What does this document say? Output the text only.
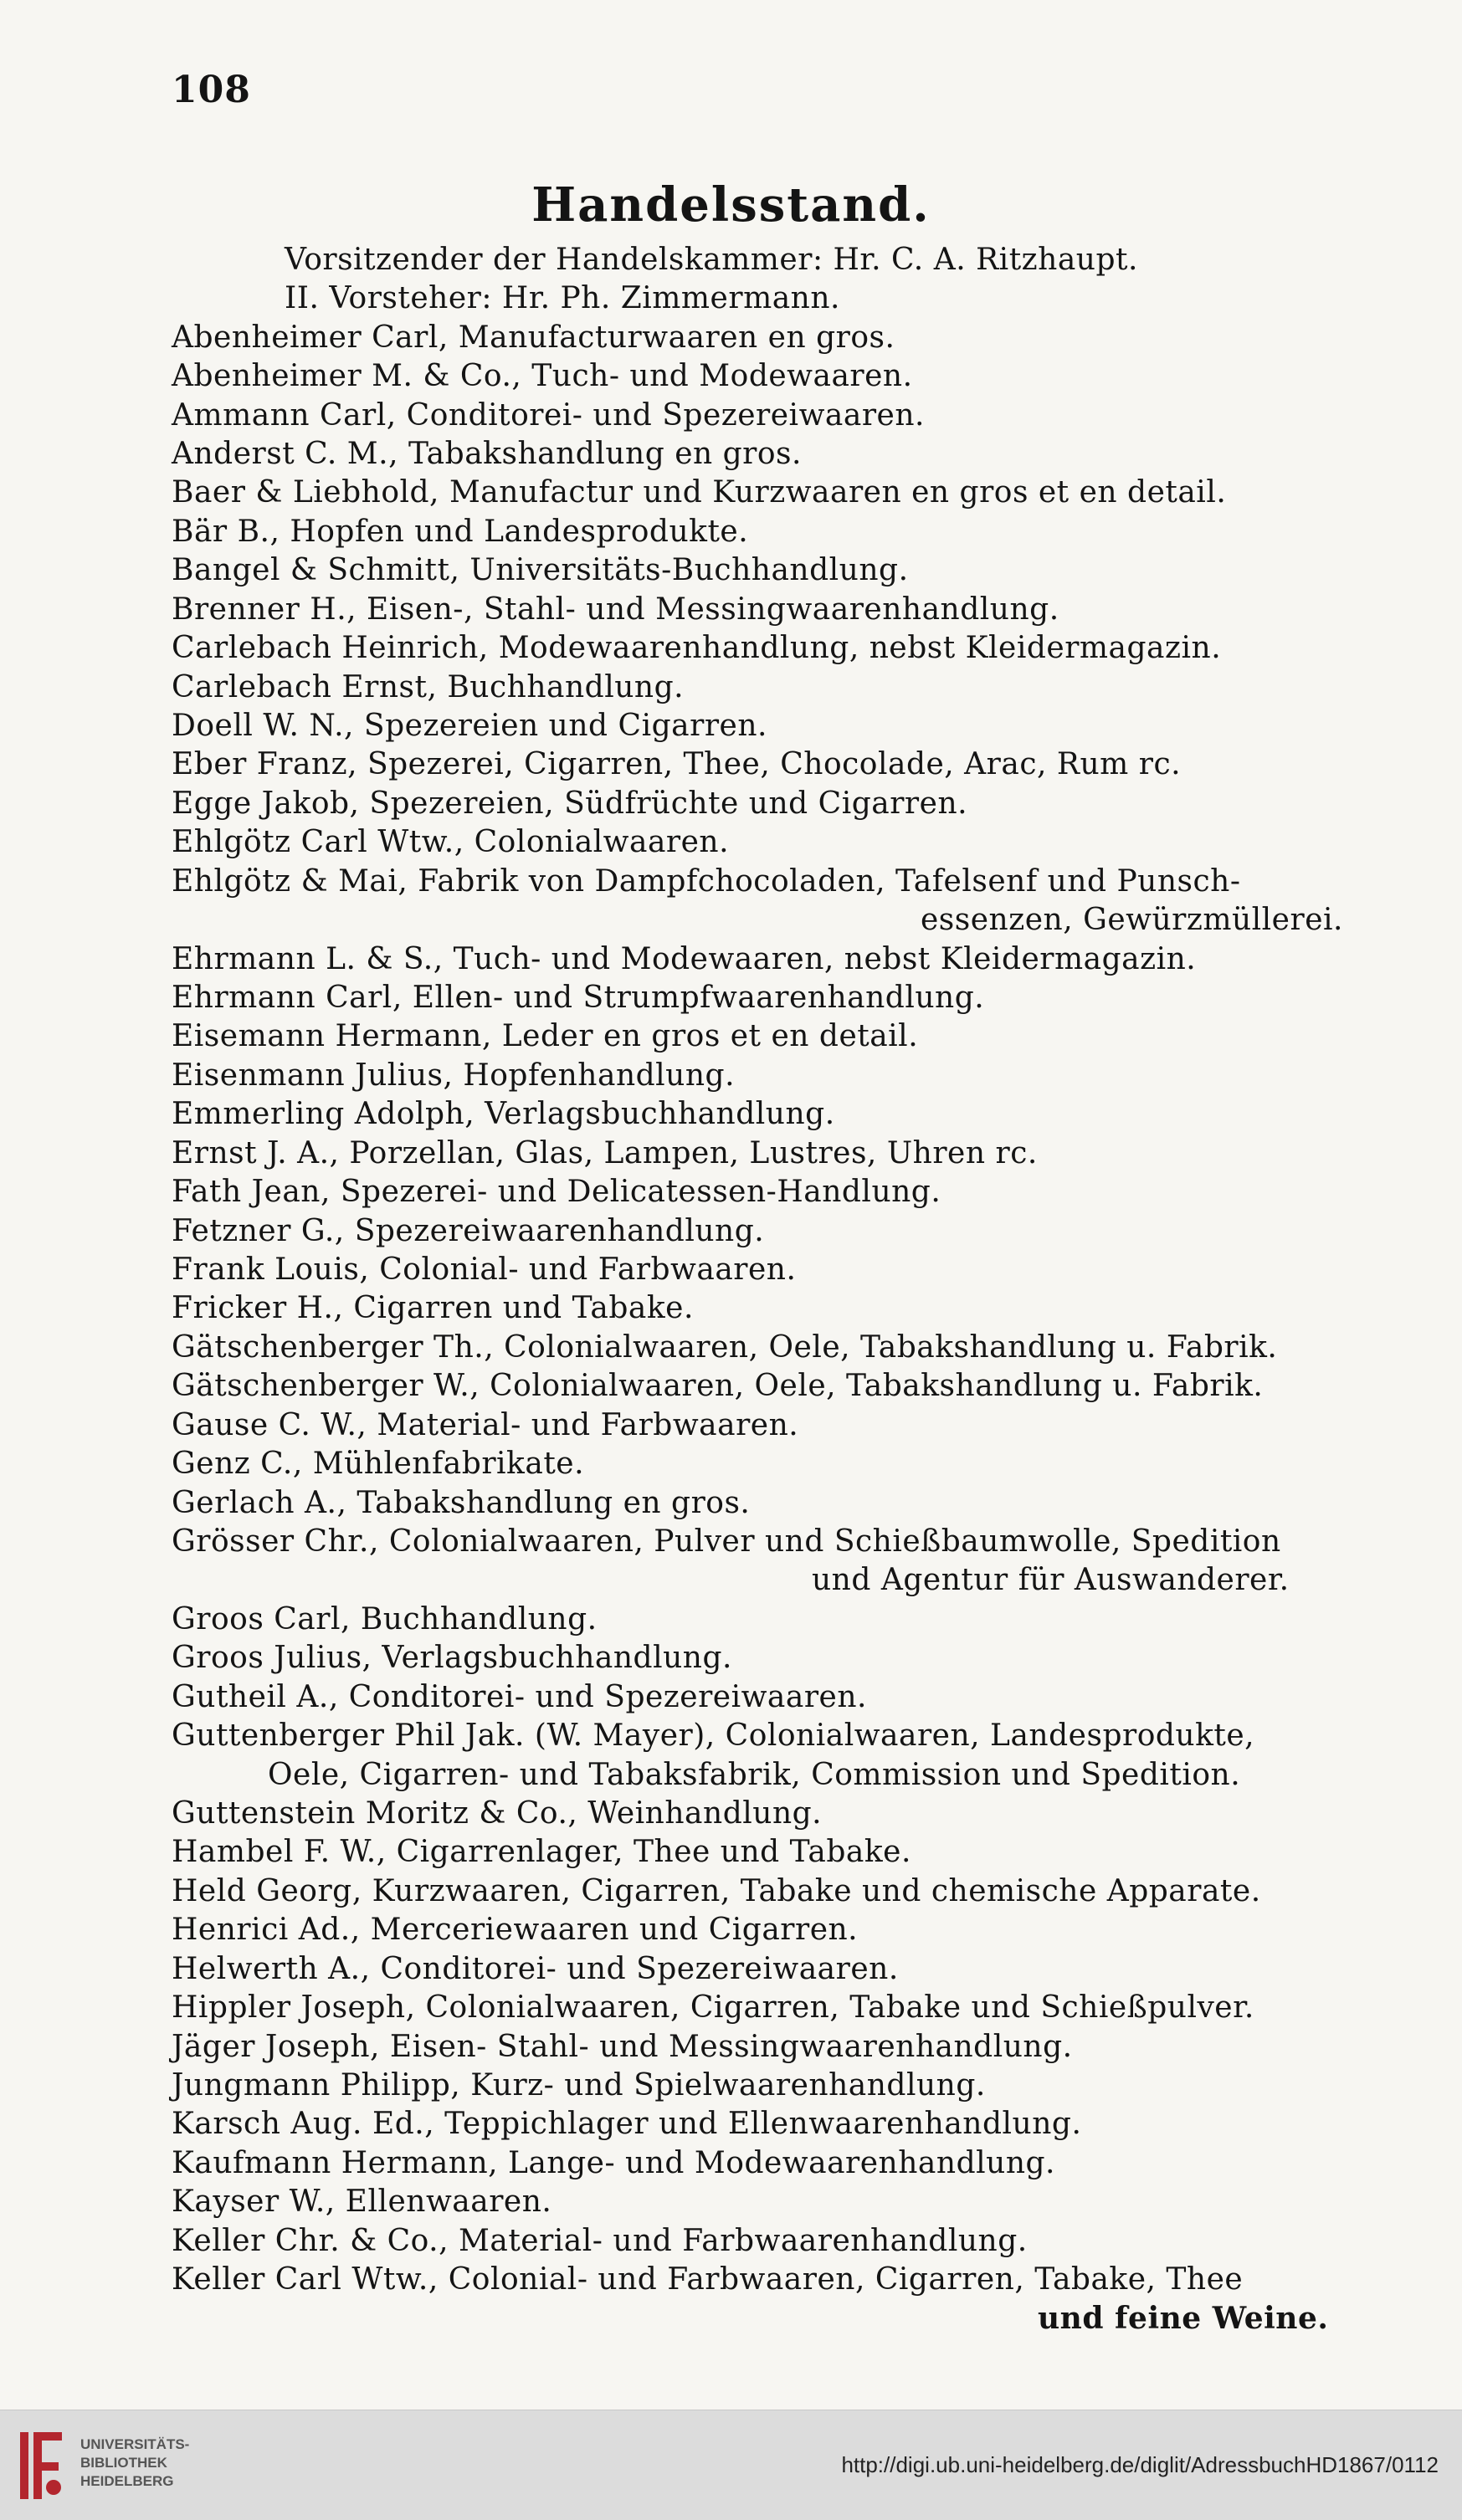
108
Handelsstand.
Vorsitzender der Handelskammer: Hr. C. A. Ritzhaupt.
II. Vorsteher: Hr. Ph. Zimmermann.
Abenheimer Carl, Manufacturwaaren en gros.
Abenheimer M. & Co., Tuch- und Modewaaren.
Ammann Carl, Conditorei- und Spezereiwaaren.
Anderst C. M., Tabakshandlung en gros.
Baer & Liebhold, Manufactur und Kurzwaaren en gros et en detail.
Bär B., Hopfen und Landesprodukte.
Bangel & Schmitt, Universitäts-Buchhandlung.
Brenner H., Eisen-, Stahl- und Messingwaarenhandlung.
Carlebach Heinrich, Modewaarenhandlung, nebst Kleidermagazin.
Carlebach Ernst, Buchhandlung.
Doell W. N., Spezereien und Cigarren.
Eber Franz, Spezerei, Cigarren, Thee, Chocolade, Arac, Rum rc.
Egge Jakob, Spezereien, Südfrüchte und Cigarren.
Ehlgötz Carl Wtw., Colonialwaaren.
Ehlgötz & Mai, Fabrik von Dampfchocoladen, Tafelsenf und Punsch-
essenzen, Gewürzmüllerei.
Ehrmann L. & S., Tuch- und Modewaaren, nebst Kleidermagazin.
Ehrmann Carl, Ellen- und Strumpfwaarenhandlung.
Eisemann Hermann, Leder en gros et en detail.
Eisenmann Julius, Hopfenhandlung.
Emmerling Adolph, Verlagsbuchhandlung.
Ernst J. A., Porzellan, Glas, Lampen, Lustres, Uhren rc.
Fath Jean, Spezerei- und Delicatessen-Handlung.
Fetzner G., Spezereiwaarenhandlung.
Frank Louis, Colonial- und Farbwaaren.
Fricker H., Cigarren und Tabake.
Gätschenberger Th., Colonialwaaren, Oele, Tabakshandlung u. Fabrik.
Gätschenberger W., Colonialwaaren, Oele, Tabakshandlung u. Fabrik.
Gause C. W., Material- und Farbwaaren.
Genz C., Mühlenfabrikate.
Gerlach A., Tabakshandlung en gros.
Grösser Chr., Colonialwaaren, Pulver und Schießbaumwolle, Spedition
und Agentur für Auswanderer.
Groos Carl, Buchhandlung.
Groos Julius, Verlagsbuchhandlung.
Gutheil A., Conditorei- und Spezereiwaaren.
Guttenberger Phil Jak. (W. Mayer), Colonialwaaren, Landesprodukte,
Oele, Cigarren- und Tabaksfabrik, Commission und Spedition.
Guttenstein Moritz & Co., Weinhandlung.
Hambel F. W., Cigarrenlager, Thee und Tabake.
Held Georg, Kurzwaaren, Cigarren, Tabake und chemische Apparate.
Henrici Ad., Merceriewaaren und Cigarren.
Helwerth A., Conditorei- und Spezereiwaaren.
Hippler Joseph, Colonialwaaren, Cigarren, Tabake und Schießpulver.
Jäger Joseph, Eisen- Stahl- und Messingwaarenhandlung.
Jungmann Philipp, Kurz- und Spielwaarenhandlung.
Karsch Aug. Ed., Teppichlager und Ellenwaarenhandlung.
Kaufmann Hermann, Lange- und Modewaarenhandlung.
Kayser W., Ellenwaaren.
Keller Chr. & Co., Material- und Farbwaarenhandlung.
Keller Carl Wtw., Colonial- und Farbwaaren, Cigarren, Tabake, Thee
und feine Weine.
UNIVERSITÄTS-
BIBLIOTHEK
HEIDELBERG
http://digi.ub.uni-heidelberg.de/diglit/AdressbuchHD1867/0112
